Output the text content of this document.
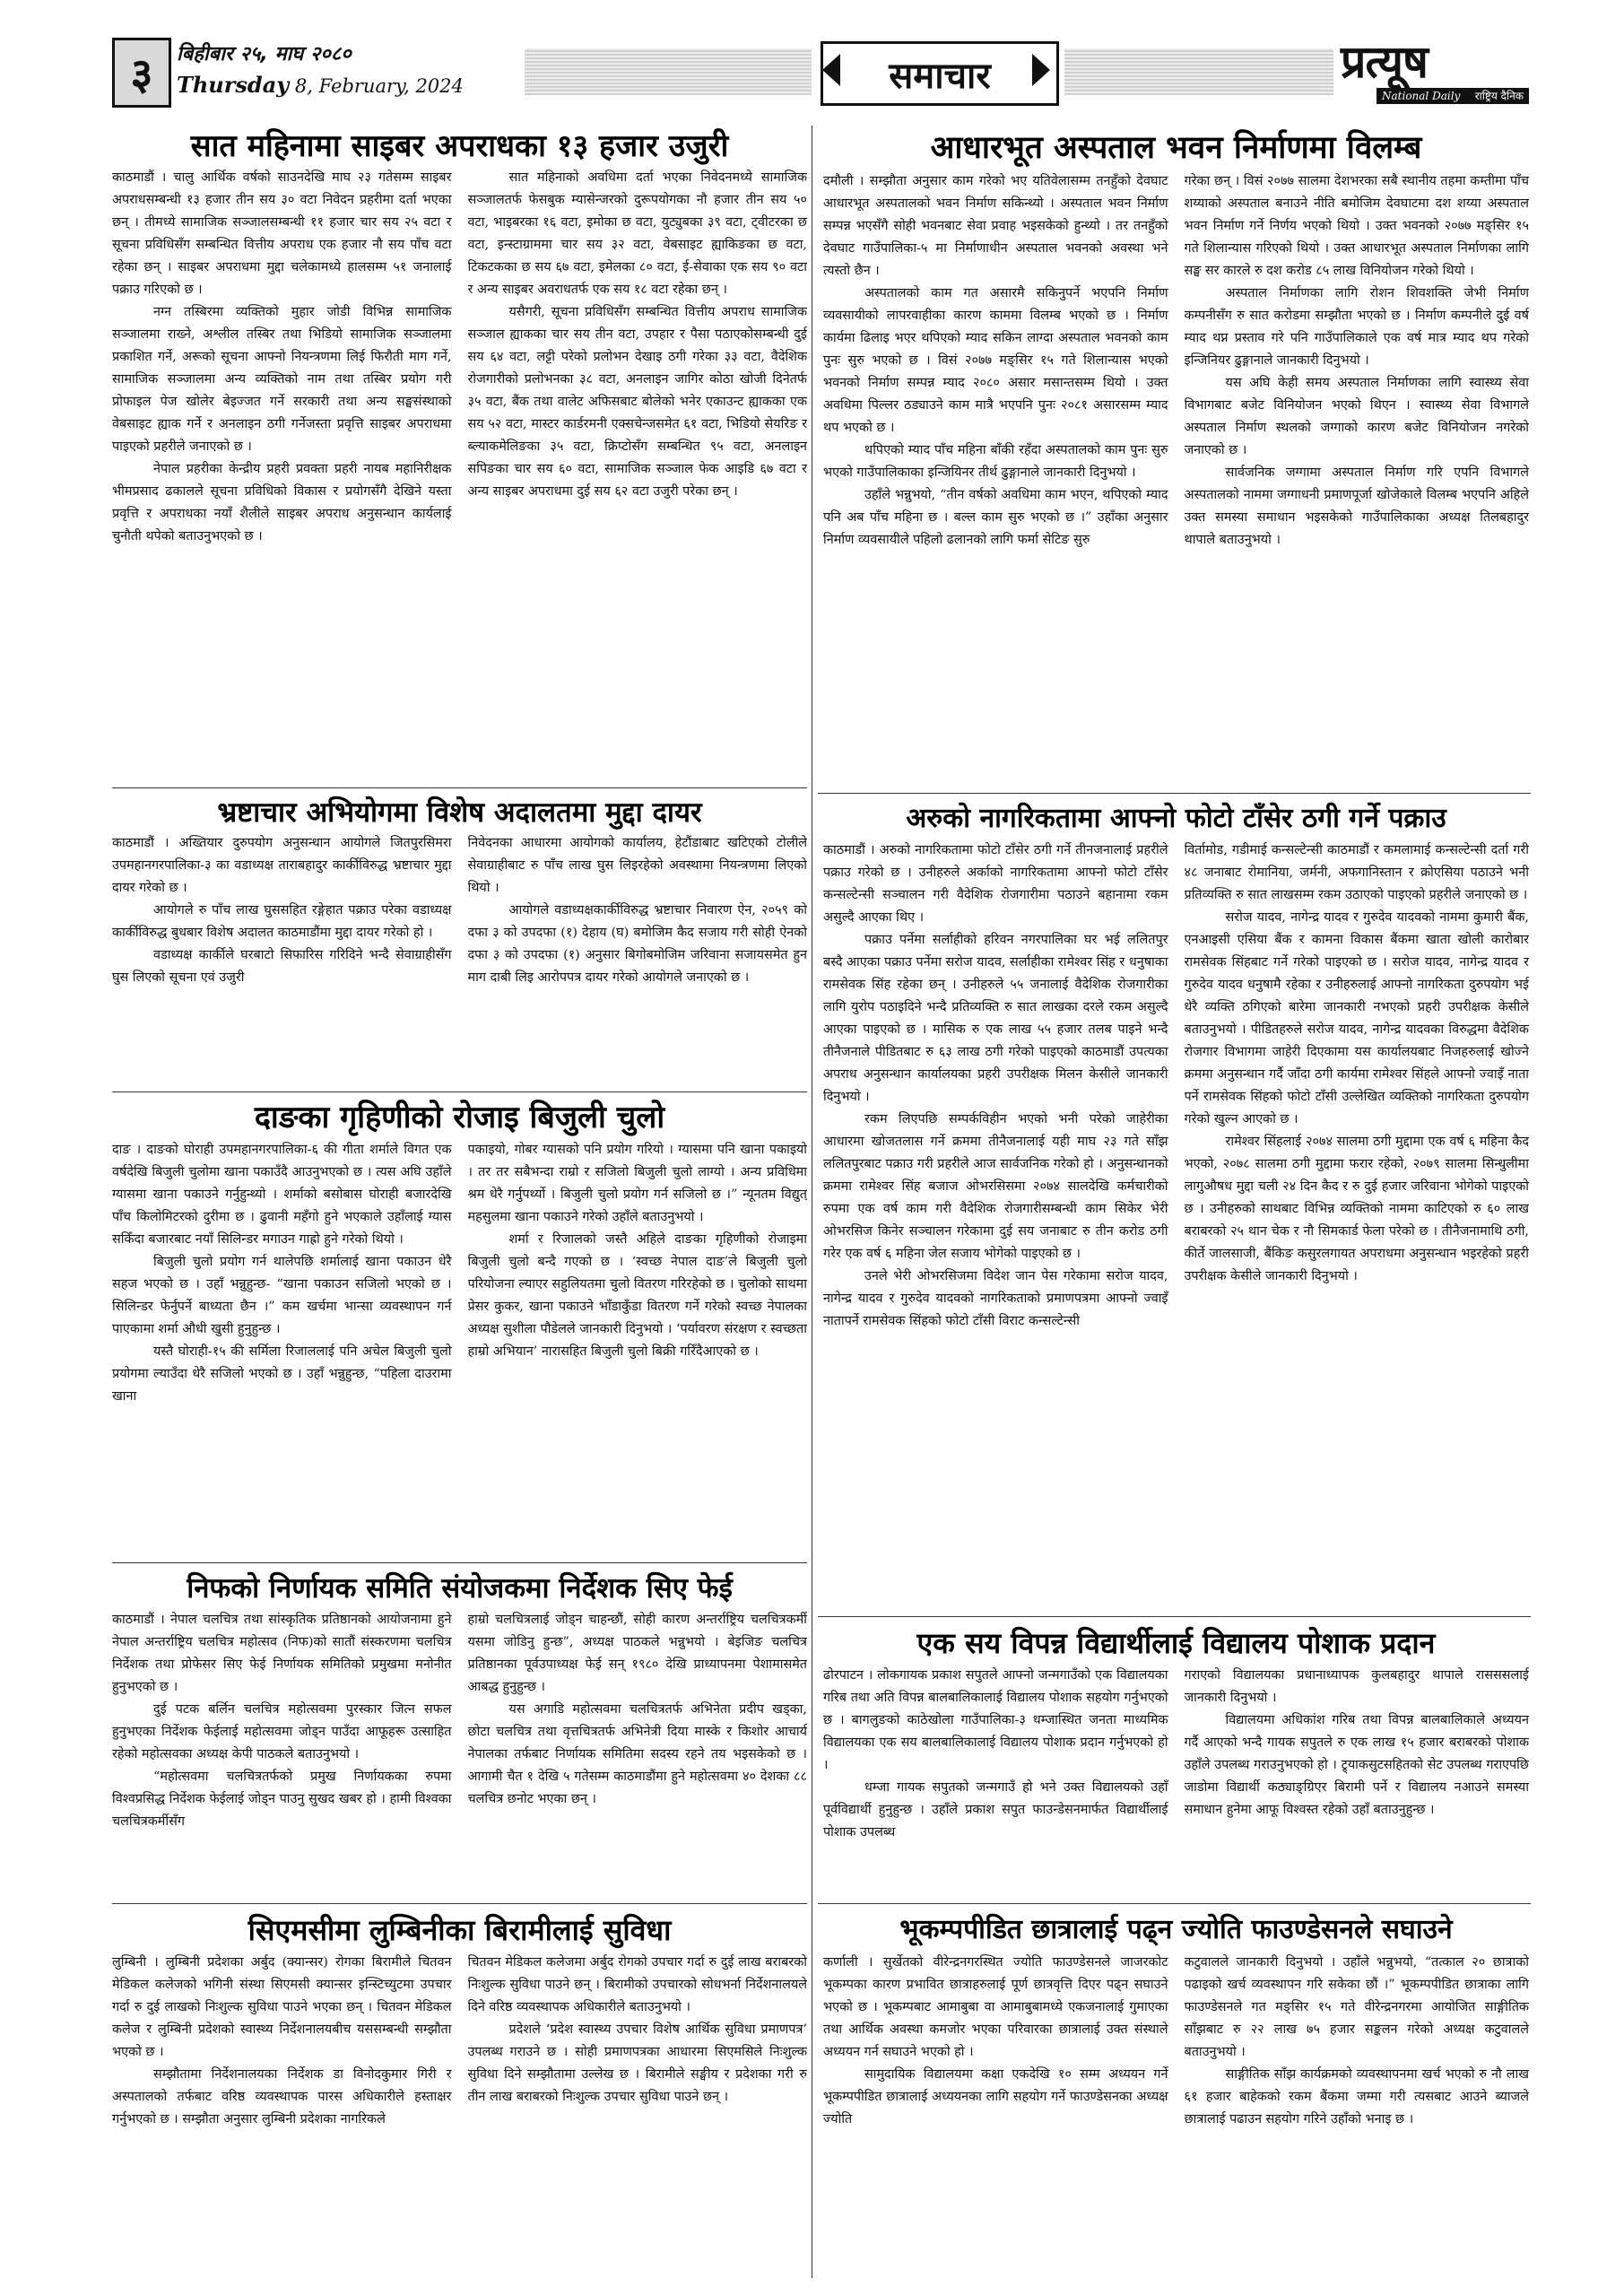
३	बिहीबार २५, माघ २०८०
Thursday 8, February, 2024	समाचार	प्रत्यूष
National Daily राष्ट्रिय दैनिक
सात महिनामा साइबर अपराधका १३ हजार उजुरी

काठमाडौं । चालु आर्थिक वर्षको साउनदेखि माघ २३ गतेसम्म साइबर अपराधसम्बन्धी १३ हजार तीन सय ३० वटा निवेदन प्रहरीमा दर्ता भएका छन् । तीमध्ये सामाजिक सञ्जालसम्बन्धी ११ हजार चार सय २५ वटा र सूचना प्रविधिसँग सम्बन्धित वित्तीय अपराध एक हजार नौ सय पाँच वटा रहेका छन् । साइबर अपराधमा मुद्दा चलेकामध्ये हालसम्म ५१ जनालाई पक्राउ गरिएको छ ।

नग्न तस्बिरमा व्यक्तिको मुहार जोडी विभिन्न सामाजिक सञ्जालमा राख्ने, अश्लील तस्बिर तथा भिडियो सामाजिक सञ्जालमा प्रकाशित गर्ने, अरूको सूचना आफ्नो नियन्त्रणमा लिई फिरौती माग गर्ने, सामाजिक सञ्जालमा अन्य व्यक्तिको नाम तथा तस्बिर प्रयोग गरी प्रोफाइल पेज खोलेर बेइज्जत गर्ने सरकारी तथा अन्य सङ्घसंस्थाको वेबसाइट ह्याक गर्ने र अनलाइन ठगी गर्नेजस्ता प्रवृत्ति साइबर अपराधमा पाइएको प्रहरीले जनाएको छ ।

नेपाल प्रहरीका केन्द्रीय प्रहरी प्रवक्ता प्रहरी नायब महानिरीक्षक भीमप्रसाद ढकालले सूचना प्रविधिको विकास र प्रयोगसँगै देखिने यस्ता प्रवृत्ति र अपराधका नयाँ शैलीले साइबर अपराध अनुसन्धान कार्यलाई चुनौती थपेको बताउनुभएको छ ।

सात महिनाको अवधिमा दर्ता भएका निवेदनमध्ये सामाजिक सञ्जालतर्फ फेसबुक म्यासेन्जरको दुरूपयोगका नौ हजार तीन सय ५० वटा, भाइबरका १६ वटा, इमोका छ वटा, युट्युबका ३९ वटा, ट्वीटरका छ वटा, इन्स्टाग्राममा चार सय ३२ वटा, वेबसाइट ह्याकिङका छ वटा, टिकटकका छ सय ६७ वटा, इमेलका ८० वटा, ई-सेवाका एक सय ९० वटा र अन्य साइबर अवराधतर्फ एक सय १८ वटा रहेका छन् ।

यसैगरी, सूचना प्रविधिसँग सम्बन्धित वित्तीय अपराध सामाजिक सञ्जाल ह्याकका चार सय तीन वटा, उपहार र पैसा पठाएकोसम्बन्धी दुई सय ६४ वटा, लट्टी परेको प्रलोभन देखाइ ठगी गरेका ३३ वटा, वैदेशिक रोजगारीको प्रलोभनका ३८ वटा, अनलाइन जागिर कोठा खोजी दिनेतर्फ ३५ वटा, बैंक तथा वालेट अफिसबाट बोलेको भनेर एकाउन्ट ह्याकका एक सय ५२ वटा, मास्टर कार्डरमनी एक्सचेन्जसमेत ६१ वटा, भिडियो सेयरिङ र ब्ल्याकमेलिङका ३५ वटा, क्रिप्टोसँग सम्बन्धित ९५ वटा, अनलाइन सपिङका चार सय ६० वटा, सामाजिक सञ्जाल फेक आइडि ६७ वटा र अन्य साइबर अपराधमा दुई सय ६२ वटा उजुरी परेका छन् ।

आधारभूत अस्पताल भवन निर्माणमा विलम्ब

दमौली । सम्झौता अनुसार काम गरेको भए यतिवेलासम्म तनहुँको देवघाट आधारभूत अस्पतालको भवन निर्माण सकिन्थ्यो । अस्पताल भवन निर्माण सम्पन्न भएसँगै सोही भवनबाट सेवा प्रवाह भइसकेको हुन्थ्यो । तर तनहुँको देवघाट गाउँपालिका-५ मा निर्माणाधीन अस्पताल भवनको अवस्था भने त्यस्तो छैन ।

अस्पतालको काम गत असारमै सकिनुपर्ने भएपनि निर्माण व्यवसायीको लापरवाहीका कारण काममा विलम्ब भएको छ । निर्माण कार्यमा ढिलाइ भएर थपिएको म्याद सकिन लाग्दा अस्पताल भवनको काम पुनः सुरु भएको छ । विसं २०७७ मङ्सिर १५ गते शिलान्यास भएको भवनको निर्माण सम्पन्न म्याद २०८० असार मसान्तसम्म थियो । उक्त अवधिमा पिल्लर ठड्याउने काम मात्रै भएपनि पुनः २०८१ असारसम्म म्याद थप भएको छ ।

थपिएको म्याद पाँच महिना बाँकी रहँदा अस्पतालको काम पुनः सुरु भएको गाउँपालिकाका इन्जियिनर तीर्थ ढुङ्गानाले जानकारी दिनुभयो ।

उहाँले भन्नुभयो, “तीन वर्षको अवधिमा काम भएन, थपिएको म्याद पनि अब पाँच महिना छ । बल्ल काम सुरु भएको छ ।” उहाँका अनुसार निर्माण व्यवसायीले पहिलो ढलानको लागि फर्मा सेटिङ सुरु

गरेका छन् । विसं २०७७ सालमा देशभरका सबै स्थानीय तहमा कम्तीमा पाँच शय्याको अस्पताल बनाउने नीति बमोजिम देवघाटमा दश शय्या अस्पताल भवन निर्माण गर्ने निर्णय भएको थियो । उक्त भवनको २०७७ मङ्सिर १५ गते शिलान्यास गरिएको थियो । उक्त आधारभूत अस्पताल निर्माणका लागि सङ्घ सर कारले रु दश करोड ८५ लाख विनियोजन गरेको थियो ।

अस्पताल निर्माणका लागि रोशन शिवशक्ति जेभी निर्माण कम्पनीसँग रु सात करोडमा सम्झौता भएको छ । निर्माण कम्पनीले दुई वर्ष म्याद थप्न प्रस्ताव गरे पनि गाउँपालिकाले एक वर्ष मात्र म्याद थप गरेको इन्जिनियर ढुङ्गानाले जानकारी दिनुभयो ।

यस अघि केही समय अस्पताल निर्माणका लागि स्वास्थ्य सेवा विभागबाट बजेट विनियोजन भएको थिएन । स्वास्थ्य सेवा विभागले अस्पताल निर्माण स्थलको जग्गाको कारण बजेट विनियोजन नगरेको जनाएको छ ।

सार्वजनिक जग्गामा अस्पताल निर्माण गरि एपनि विभागले अस्पतालको नाममा जग्गाधनी प्रमाणपूर्जा खोजेकाले विलम्ब भएपनि अहिले उक्त समस्या समाधान भइसकेको गाउँपालिकाका अध्यक्ष तिलबहादुर थापाले बताउनुभयो ।

भ्रष्टाचार अभियोगमा विशेष अदालतमा मुद्दा दायर

काठमाडौं । अख्तियार दुरुपयोग अनुसन्धान आयोगले जितपुरसिमरा उपमहानगरपालिका-३ का वडाध्यक्ष ताराबहादुर कार्कीविरुद्ध भ्रष्टाचार मुद्दा दायर गरेको छ ।

आयोगले रु पाँच लाख घुससहित रङ्गेहात पक्राउ परेका वडाध्यक्ष कार्कीविरुद्ध बुधबार विशेष अदालत काठमाडौंमा मुद्दा दायर गरेको हो ।

वडाध्यक्ष कार्कीले घरबाटो सिफारिस गरिदिने भन्दै सेवाग्राहीसँग घुस लिएको सूचना एवं उजुरी

निवेदनका आधारमा आयोगको कार्यालय, हेटौंडाबाट खटिएको टोलीले सेवाग्राहीबाट रु पाँच लाख घुस लिइरहेको अवस्थामा नियन्त्रणमा लिएको थियो ।

आयोगले वडाध्यक्षकार्कीविरुद्ध भ्रष्टाचार निवारण ऐन, २०५९ को दफा ३ को उपदफा (१) देहाय (घ) बमोजिम कैद सजाय गरी सोही ऐनको दफा ३ को उपदफा (१) अनुसार बिगोबमोजिम जरिवाना सजायसमेत हुन माग दाबी लिइ आरोपपत्र दायर गरेको आयोगले जनाएको छ ।

अरुको नागरिकतामा आफ्नो फोटो टाँसेर ठगी गर्ने पक्राउ

काठमाडौं । अरुको नागरिकतामा फोटो टाँसेर ठगी गर्ने तीनजनालाई प्रहरीले पक्राउ गरेको छ । उनीहरुले अर्काको नागरिकतामा आफ्नो फोटो टाँसेर कन्सल्टेन्सी सञ्चालन गरी वैदेशिक रोजगारीमा पठाउने बहानामा रकम असुल्दै आएका थिए ।

पक्राउ पर्नेमा सर्लाहीको हरिवन नगरपालिका घर भई ललितपुर बस्दै आएका पक्राउ पर्नेमा सरोज यादव, सर्लाहीका रामेश्वर सिंह र धनुषाका रामसेवक सिंह रहेका छन् । उनीहरुले ५५ जनालाई वैदेशिक रोजगारीका लागि युरोप पठाइदिने भन्दै प्रतिव्यक्ति रु सात लाखका दरले रकम असुल्दै आएका पाइएको छ । मासिक रु एक लाख ५५ हजार तलब पाइने भन्दै तीनैजनाले पीडितबाट रु ६३ लाख ठगी गरेको पाइएको काठमाडौं उपत्यका अपराध अनुसन्धान कार्यालयका प्रहरी उपरीक्षक मिलन केसीले जानकारी दिनुभयो ।

रकम लिएपछि सम्पर्कविहीन भएको भनी परेको जाहेरीका आधारमा खोजतलास गर्ने क्रममा तीनैजनालाई यही माघ २३ गते साँझ ललितपुरबाट पक्राउ गरी प्रहरीले आज सार्वजनिक गरेको हो । अनुसन्धानको क्रममा रामेश्वर सिंह बजाज ओभरसिसमा २०७४ सालदेखि कर्मचारीको रुपमा एक वर्ष काम गरी वैदेशिक रोजगारीसम्बन्धी काम सिकेर भेरी ओभरसिज किनेर सञ्चालन गरेकामा दुई सय जनाबाट रु तीन करोड ठगी गरेर एक वर्ष ६ महिना जेल सजाय भोगेको पाइएको छ ।

उनले भेरी ओभरसिजमा विदेश जान पेस गरेकामा सरोज यादव, नागेन्द्र यादव र गुरुदेव यादवको नागरिकताको प्रमाणपत्रमा आफ्नो ज्वाइँ नातापर्ने रामसेवक सिंहको फोटो टाँसी विराट कन्सल्टेन्सी

विर्तामोड, गडीमाई कन्सल्टेन्सी काठमाडौं र कमलामाई कन्सल्टेन्सी दर्ता गरी ४८ जनाबाट रोमानिया, जर्मनी, अफगानिस्तान र क्रोएसिया पठाउने भनी प्रतिव्यक्ति रु सात लाखसम्म रकम उठाएको पाइएको प्रहरीले जनाएको छ ।

सरोज यादव, नागेन्द्र यादव र गुरुदेव यादवको नाममा कुमारी बैंक, एनआइसी एसिया बैंक र कामना विकास बैंकमा खाता खोली कारोबार रामसेवक सिंहबाट गर्ने गरेको पाइएको छ । सरोज यादव, नागेन्द्र यादव र गुरुदेव यादव धनुषामै रहेका र उनीहरुलाई आफ्नो नागरिकता दुरुपयोग भई धेरै व्यक्ति ठगिएको बारेमा जानकारी नभएको प्रहरी उपरीक्षक केसीले बताउनुभयो । पीडितहरुले सरोज यादव, नागेन्द्र यादवका विरुद्धमा वैदेशिक रोजगार विभागमा जाहेरी दिएकामा यस कार्यालयबाट निजहरुलाई खोज्ने क्रममा अनुसन्धान गर्दै जाँदा ठगी कार्यमा रामेश्वर सिंहले आफ्नो ज्वाइँ नाता पर्ने रामसेवक सिंहको फोटो टाँसी उल्लेखित व्यक्तिको नागरिकता दुरुपयोग गरेको खुल्न आएको छ ।

रामेश्वर सिंहलाई २०७४ सालमा ठगी मुद्दामा एक वर्ष ६ महिना कैद भएको, २०७८ सालमा ठगी मुद्दामा फरार रहेको, २०७९ सालमा सिन्धुलीमा लागुऔषध मुद्दा चली २४ दिन कैद र रु दुई हजार जरिवाना भोगेको पाइएको छ । उनीहरुको साथबाट विभिन्न व्यक्तिको नाममा काटिएको रु ६० लाख बराबरको २५ थान चेक र नौ सिमकार्ड फेला परेको छ । तीनैजनामाथि ठगी, कीर्ते जालसाजी, बैंकिङ कसुरलगायत अपराधमा अनुसन्धान भइरहेको प्रहरी उपरीक्षक केसीले जानकारी दिनुभयो ।

दाङका गृहिणीको रोजाइ बिजुली चुलो

दाङ । दाङको घोराही उपमहानगरपालिका-६ की गीता शर्माले विगत एक वर्षदेखि बिजुली चुलोमा खाना पकाउँदै आउनुभएको छ । त्यस अघि उहाँले ग्यासमा खाना पकाउने गर्नुहुन्थ्यो । शर्माको बसोबास घोराही बजारदेखि पाँच किलोमिटरको दुरीमा छ । ढुवानी महँगो हुने भएकाले उहाँलाई ग्यास सकिँदा बजारबाट नयाँ सिलिन्डर मगाउन गाह्रो हुने गरेको थियो ।

बिजुली चुलो प्रयोग गर्न थालेपछि शर्मालाई खाना पकाउन धेरै सहज भएको छ । उहाँ भन्नुहुन्छ- “खाना पकाउन सजिलो भएको छ । सिलिन्डर फेर्नुपर्ने बाध्यता छैन ।” कम खर्चमा भान्सा व्यवस्थापन गर्न पाएकामा शर्मा औधी खुसी हुनुहुन्छ ।

यस्तै घोराही-१५ की सर्मिला रिजाललाई पनि अचेल बिजुली चुलो प्रयोगमा ल्याउँदा धेरै सजिलो भएको छ । उहाँ भन्नुहुन्छ, “पहिला दाउरामा खाना

पकाइयो, गोबर ग्यासको पनि प्रयोग गरियो । ग्यासमा पनि खाना पकाइयो । तर तर सबैभन्दा राम्रो र सजिलो बिजुली चुलो लाग्यो । अन्य प्रविधिमा श्रम धेरै गर्नुपर्थ्यो । बिजुली चुलो प्रयोग गर्न सजिलो छ ।” न्यूनतम विद्युत् महसुलमा खाना पकाउने गरेको उहाँले बताउनुभयो ।

शर्मा र रिजालको जस्तै अहिले दाङका गृहिणीको रोजाइमा बिजुली चुलो बन्दै गएको छ । ‘स्वच्छ नेपाल दाङ’ले बिजुली चुलो परियोजना ल्याएर सहुलियतमा चुलो वितरण गरिरहेको छ । चुलोको साथमा प्रेसर कुकर, खाना पकाउने भाँडाकुँडा वितरण गर्ने गरेको स्वच्छ नेपालका अध्यक्ष सुशीला पौडेलले जानकारी दिनुभयो । ‘पर्यावरण संरक्षण र स्वच्छता हाम्रो अभियान’ नारासहित बिजुली चुलो बिक्री गरिँदैआएको छ ।

निफको निर्णायक समिति संयोजकमा निर्देशक सिए फेई

काठमाडौं । नेपाल चलचित्र तथा सांस्कृतिक प्रतिष्ठानको आयोजनामा हुने नेपाल अन्तर्राष्ट्रिय चलचित्र महोत्सव (निफ)को सातौं संस्करणमा चलचित्र निर्देशक तथा प्रोफेसर सिए फेई निर्णायक समितिको प्रमुखमा मनोनीत हुनुभएको छ ।

दुई पटक बर्लिन चलचित्र महोत्सवमा पुरस्कार जित्न सफल हुनुभएका निर्देशक फेईलाई महोत्सवमा जोड्न पाउँदा आफूहरू उत्साहित रहेको महोत्सवका अध्यक्ष केपी पाठकले बताउनुभयो ।

“महोत्सवमा चलचित्रतर्फको प्रमुख निर्णायकका रुपमा विश्वप्रसिद्ध निर्देशक फेईलाई जोड्न पाउनु सुखद खबर हो । हामी विश्वका चलचित्रकर्मीसँग

हाम्रो चलचित्रलाई जोड्न चाहन्छौं, सोही कारण अन्तर्राष्ट्रिय चलचित्रकर्मी यसमा जोडिनु हुन्छ”, अध्यक्ष पाठकले भन्नुभयो । बेइजिङ चलचित्र प्रतिष्ठानका पूर्वउपाध्यक्ष फेई सन् १९८० देखि प्राध्यापनमा पेशामासमेत आबद्ध हुनुहुन्छ ।

यस अगाडि महोत्सवमा चलचित्रतर्फ अभिनेता प्रदीप खड्का, छोटा चलचित्र तथा वृत्तचित्रतर्फ अभिनेत्री दिया मास्के र किशोर आचार्य नेपालका तर्फबाट निर्णायक समितिमा सदस्य रहने तय भइसकेको छ । आगामी चैत १ देखि ५ गतेसम्म काठमाडौंमा हुने महोत्सवमा ४० देशका ८८ चलचित्र छनोट भएका छन् ।

एक सय विपन्न विद्यार्थीलाई विद्यालय पोशाक प्रदान

ढोरपाटन । लोकगायक प्रकाश सपुतले आफ्नो जन्मगाउँको एक विद्यालयका गरिब तथा अति विपन्न बालबालिकालाई विद्यालय पोशाक सहयोग गर्नुभएको छ । बागलुङको काठेखोला गाउँपालिका-३ धम्जास्थित जनता माध्यमिक विद्यालयका एक सय बालबालिकालाई विद्यालय पोशाक प्रदान गर्नुभएको हो ।

धम्जा गायक सपुतको जन्मगाउँ हो भने उक्त विद्यालयको उहाँ पूर्वविद्यार्थी हुनुहुन्छ । उहाँले प्रकाश सपुत फाउन्डेसनमार्फत विद्यार्थीलाई पोशाक उपलब्ध

गराएको विद्यालयका प्रधानाध्यापक कुलबहादुर थापाले रासससलाई जानकारी दिनुभयो ।

विद्यालयमा अधिकांश गरिब तथा विपन्न बालबालिकाले अध्ययन गर्दै आएको भन्दै गायक सपुतले रु एक लाख १५ हजार बराबरको पोशाक उहाँले उपलब्ध गराउनुभएको हो । ट्र्याकसुटसहितको सेट उपलब्ध गराएपछि जाडोमा विद्यार्थी कठ्याङ्ग्रिएर बिरामी पर्ने र विद्यालय नआउने समस्या समाधान हुनेमा आफू विश्वस्त रहेको उहाँ बताउनुहुन्छ ।

सिएमसीमा लुम्बिनीका बिरामीलाई सुविधा

लुम्बिनी । लुम्बिनी प्रदेशका अर्बुद (क्यान्सर) रोगका बिरामीले चितवन मेडिकल कलेजको भगिनी संस्था सिएमसी क्यान्सर इन्स्टिच्युटमा उपचार गर्दा रु दुई लाखको निःशुल्क सुविधा पाउने भएका छन् । चितवन मेडिकल कलेज र लुम्बिनी प्रदेशको स्वास्थ्य निर्देशनालयबीच यससम्बन्धी सम्झौता भएको छ ।

सम्झौतामा निर्देशनालयका निर्देशक डा विनोदकुमार गिरी र अस्पतालको तर्फबाट वरिष्ठ व्यवस्थापक पारस अधिकारीले हस्ताक्षर गर्नुभएको छ । सम्झौता अनुसार लुम्बिनी प्रदेशका नागरिकले

चितवन मेडिकल कलेजमा अर्बुद रोगको उपचार गर्दा रु दुई लाख बराबरको निःशुल्क सुविधा पाउने छन् । बिरामीको उपचारको सोधभर्ना निर्देशनालयले दिने वरिष्ठ व्यवस्थापक अधिकारीले बताउनुभयो ।

प्रदेशले ‘प्रदेश स्वास्थ्य उपचार विशेष आर्थिक सुविधा प्रमाणपत्र’ उपलब्ध गराउने छ । सोही प्रमाणपत्रका आधारमा सिएमसिले निःशुल्क सुविधा दिने सम्झौतामा उल्लेख छ । बिरामीले सङ्घीय र प्रदेशका गरी रु तीन लाख बराबरको निःशुल्क उपचार सुविधा पाउने छन् ।

भूकम्पपीडित छात्रालाई पढ्न ज्योति फाउण्डेसनले सघाउने

कर्णाली । सुर्खेतको वीरेन्द्रनगरस्थित ज्योति फाउण्डेसनले जाजरकोट भूकम्पका कारण प्रभावित छात्राहरुलाई पूर्ण छात्रवृत्ति दिएर पढ्न सघाउने भएको छ । भूकम्पबाट आमाबुबा वा आमाबुबामध्ये एकजनालाई गुमाएका तथा आर्थिक अवस्था कमजोर भएका परिवारका छात्रालाई उक्त संस्थाले अध्ययन गर्न सघाउने भएको हो ।

सामुदायिक विद्यालयमा कक्षा एकदेखि १० सम्म अध्ययन गर्ने भूकम्पपीडित छात्रालाई अध्ययनका लागि सहयोग गर्ने फाउण्डेसनका अध्यक्ष ज्योति

कटुवालले जानकारी दिनुभयो । उहाँले भन्नुभयो, “तत्काल २० छात्राको पढाइको खर्च व्यवस्थापन गरि सकेका छौं ।” भूकम्पपीडित छात्राका लागि फाउण्डेसनले गत मङ्सिर १५ गते वीरेन्द्रनगरमा आयोजित साङ्गीतिक साँझबाट रु २२ लाख ७५ हजार सङ्कलन गरेको अध्यक्ष कटुवालले बताउनुभयो ।

साङ्गीतिक साँझ कार्यक्रमको व्यवस्थापनमा खर्च भएको रु नौ लाख ६१ हजार बाहेकको रकम बैंकमा जम्मा गरी त्यसबाट आउने ब्याजले छात्रालाई पढाउन सहयोग गरिने उहाँको भनाइ छ ।
